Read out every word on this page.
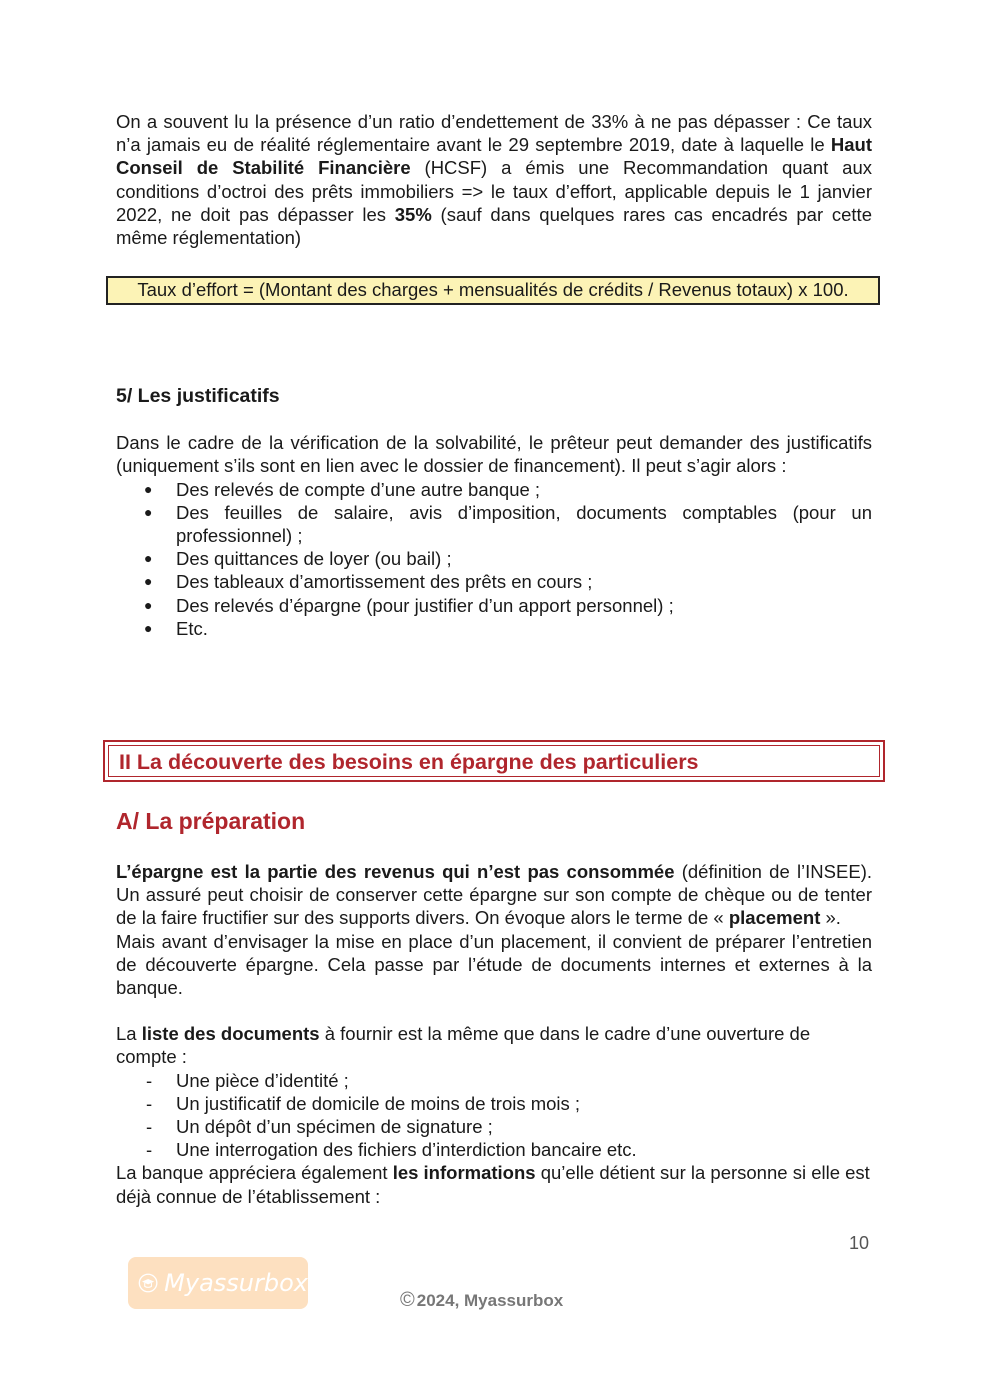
On a souvent lu la présence d’un ratio d’endettement de 33% à ne pas dépasser : Ce taux n’a jamais eu de réalité réglementaire avant le 29 septembre 2019, date à laquelle le Haut Conseil de Stabilité Financière (HCSF) a émis une Recommandation quant aux conditions d’octroi des prêts immobiliers => le taux d’effort, applicable depuis le 1 janvier 2022, ne doit pas dépasser les 35% (sauf dans quelques rares cas encadrés par cette même réglementation)

Taux d’effort = (Montant des charges + mensualités de crédits / Revenus totaux) x 100.
5/ Les justificatifs

Dans le cadre de la vérification de la solvabilité, le prêteur peut demander des justificatifs (uniquement s’ils sont en lien avec le dossier de financement). Il peut s’agir alors :

● Des relevés de compte d’une autre banque ;
● Des feuilles de salaire, avis d’imposition, documents comptables (pour un professionnel) ;
● Des quittances de loyer (ou bail) ;
● Des tableaux d’amortissement des prêts en cours ;
● Des relevés d’épargne (pour justifier d’un apport personnel) ;
● Etc.
II La découverte des besoins en épargne des particuliers
A/ La préparation

L’épargne est la partie des revenus qui n’est pas consommée (définition de l’INSEE). Un assuré peut choisir de conserver cette épargne sur son compte de chèque ou de tenter de la faire fructifier sur des supports divers. On évoque alors le terme de « placement ».

Mais avant d’envisager la mise en place d’un placement, il convient de préparer l’entretien de découverte épargne. Cela passe par l’étude de documents internes et externes à la banque.

La liste des documents à fournir est la même que dans le cadre d’une ouverture de compte :

- Une pièce d’identité ;
- Un justificatif de domicile de moins de trois mois ;
- Un dépôt d’un spécimen de signature ;
- Une interrogation des fichiers d’interdiction bancaire etc.

La banque appréciera également les informations qu’elle détient sur la personne si elle est déjà connue de l’établissement :

10
Myassurbox
© 2024, Myassurbox
